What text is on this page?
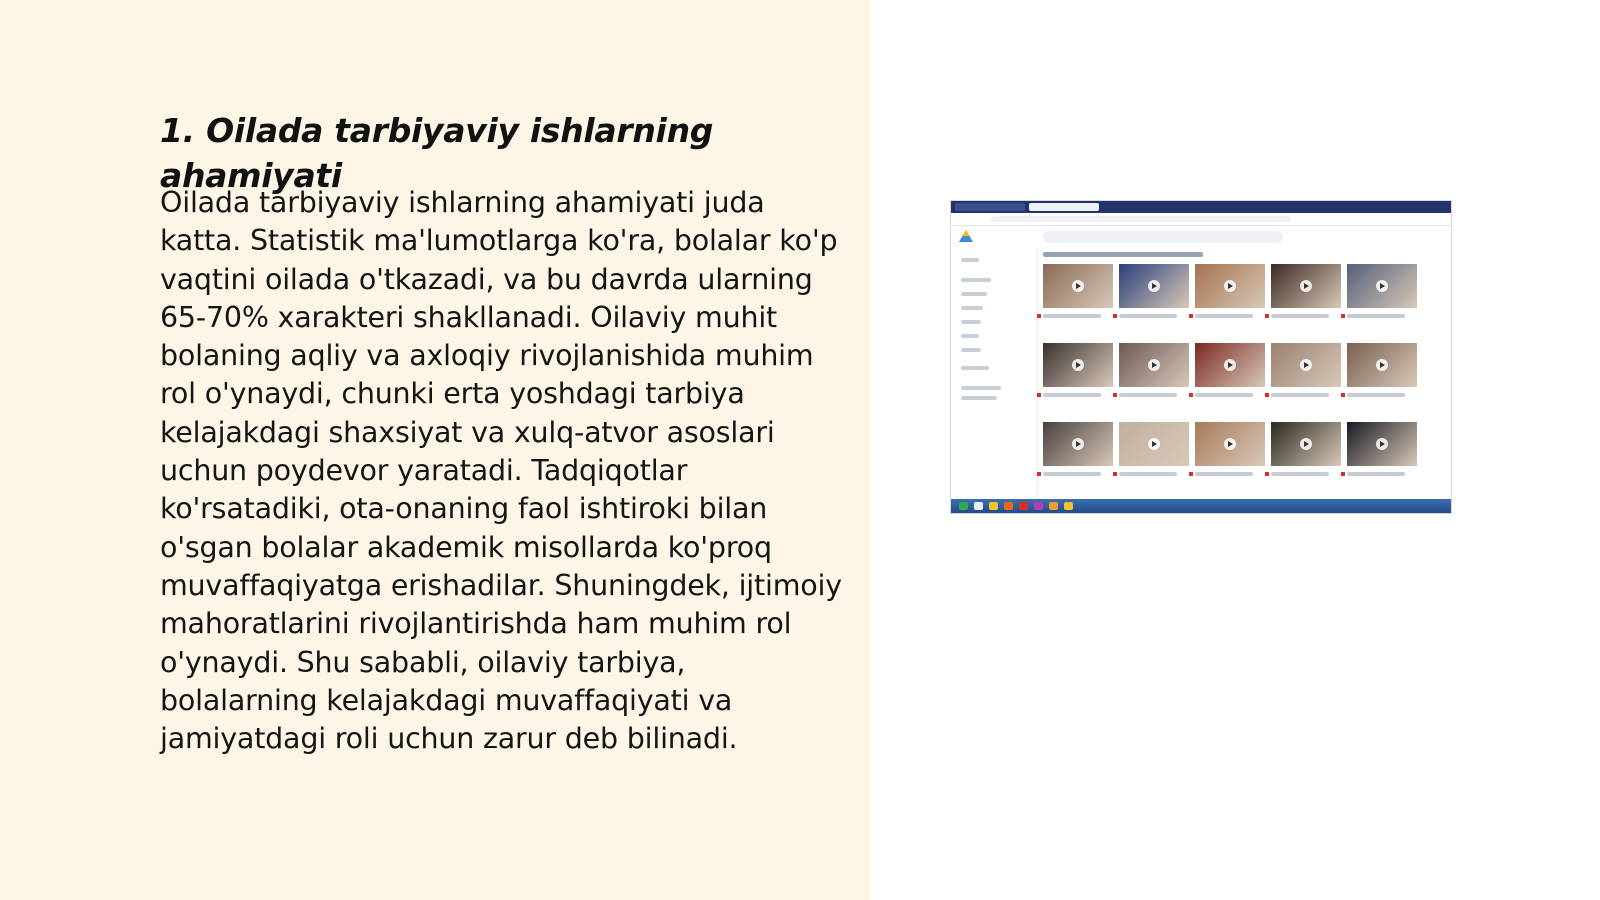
1. Oilada tarbiyaviy ishlarning ahamiyati

Oilada tarbiyaviy ishlarning ahamiyati juda katta. Statistik ma'lumotlarga ko'ra, bolalar ko'p vaqtini oilada o'tkazadi, va bu davrda ularning 65-70% xarakteri shakllanadi. Oilaviy muhit bolaning aqliy va axloqiy rivojlanishida muhim rol o'ynaydi, chunki erta yoshdagi tarbiya kelajakdagi shaxsiyat va xulq-atvor asoslari uchun poydevor yaratadi. Tadqiqotlar ko'rsatadiki, ota-onaning faol ishtiroki bilan o'sgan bolalar akademik misollarda ko'proq muvaffaqiyatga erishadilar. Shuningdek, ijtimoiy mahoratlarini rivojlantirishda ham muhim rol o'ynaydi. Shu sababli, oilaviy tarbiya, bolalarning kelajakdagi muvaffaqiyati va jamiyatdagi roli uchun zarur deb bilinadi.
